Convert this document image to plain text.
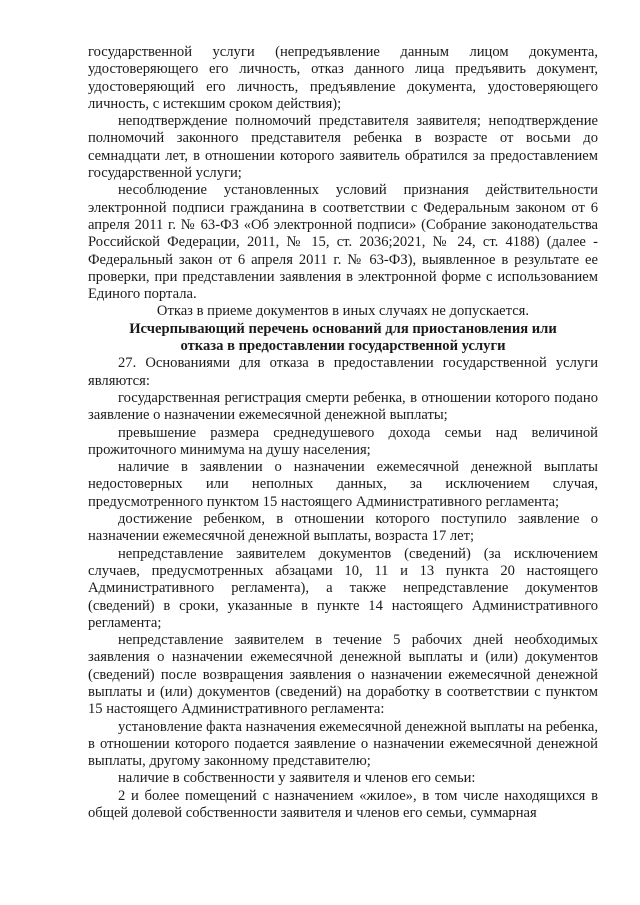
государственной услуги (непредъявление данным лицом документа, удостоверяющего его личность, отказ данного лица предъявить документ, удостоверяющий его личность, предъявление документа, удостоверяющего личность, с истекшим сроком действия);

неподтверждение полномочий представителя заявителя; неподтверждение полномочий законного представителя ребенка в возрасте от восьми до семнадцати лет, в отношении которого заявитель обратился за предоставлением государственной услуги;

несоблюдение установленных условий признания действительности электронной подписи гражданина в соответствии с Федеральным законом от 6 апреля 2011 г. № 63-ФЗ «Об электронной подписи» (Собрание законодательства Российской Федерации, 2011, № 15, ст. 2036;2021, № 24, ст. 4188) (далее - Федеральный закон от 6 апреля 2011 г. № 63-ФЗ), выявленное в результате ее проверки, при представлении заявления в электронной форме с использованием Единого портала.

Отказ в приеме документов в иных случаях не допускается.

Исчерпывающий перечень оснований для приостановления или отказа в предоставлении государственной услуги

27. Основаниями для отказа в предоставлении государственной услуги являются:

государственная регистрация смерти ребенка, в отношении которого подано заявление о назначении ежемесячной денежной выплаты;

превышение размера среднедушевого дохода семьи над величиной прожиточного минимума на душу населения;

наличие в заявлении о назначении ежемесячной денежной выплаты недостоверных или неполных данных, за исключением случая, предусмотренного пунктом 15 настоящего Административного регламента;

достижение ребенком, в отношении которого поступило заявление о назначении ежемесячной денежной выплаты, возраста 17 лет;

непредставление заявителем документов (сведений) (за исключением случаев, предусмотренных абзацами 10, 11 и 13 пункта 20 настоящего Административного регламента), а также непредставление документов (сведений) в сроки, указанные в пункте 14 настоящего Административного регламента;

непредставление заявителем в течение 5 рабочих дней необходимых заявления о назначении ежемесячной денежной выплаты и (или) документов (сведений) после возвращения заявления о назначении ежемесячной денежной выплаты и (или) документов (сведений) на доработку в соответствии с пунктом 15 настоящего Административного регламента:

установление факта назначения ежемесячной денежной выплаты на ребенка, в отношении которого подается заявление о назначении ежемесячной денежной выплаты, другому законному представителю;

наличие в собственности у заявителя и членов его семьи:

2 и более помещений с назначением «жилое», в том числе находящихся в общей долевой собственности заявителя и членов его семьи, суммарная
